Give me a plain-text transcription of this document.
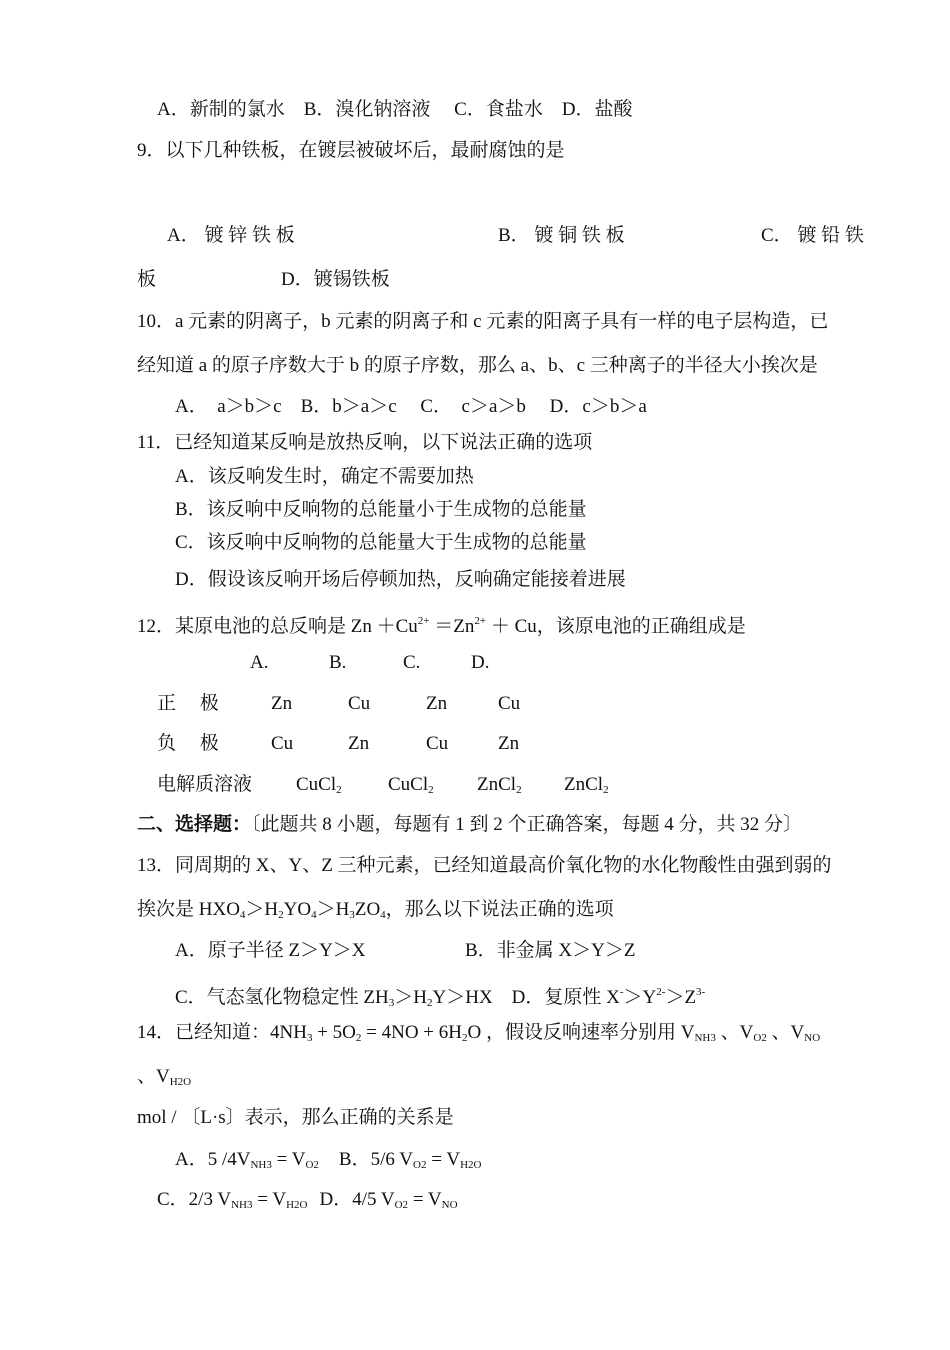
A．新制的氯水　B．溴化钠溶液　 C．食盐水　D．盐酸
9．以下几种铁板，在镀层被破坏后，最耐腐蚀的是
A． 镀 锌 铁 板	B． 镀 铜 铁 板	C． 镀 铅 铁
板	D．镀锡铁板
10．a 元素的阴离子，b 元素的阴离子和 c 元素的阳离子具有一样的电子层构造，已
经知道 a 的原子序数大于 b 的原子序数，那么 a、b、c 三种离子的半径大小挨次是
A．　a＞b＞c　B．b＞a＞c　 C．　c＞a＞b　 D．c＞b＞a
11．已经知道某反响是放热反响，以下说法正确的选项
A．该反响发生时，确定不需要加热
B．该反响中反响物的总能量小于生成物的总能量
C．该反响中反响物的总能量大于生成物的总能量
D．假设该反响开场后停顿加热，反响确定能接着进展
12．某原电池的总反响是 $Zn +Cu^{2+} =Zn^{2+} + Cu$，该原电池的正确组成是
A.	B.	C.	D.
正　 极	Zn	Cu	Zn	Cu
负　 极	Cu	Zn	Cu	Zn
电解质溶液 CuCl$_2$ CuCl$_2$ ZnCl$_2$ ZnCl$_2$
二、选择题：〔此题共 8 小题，每题有 1 到 2 个正确答案，每题 4 分，共 32 分〕
13．同周期的 X、Y、Z 三种元素，已经知道最高价氧化物的水化物酸性由强到弱的
挨次是 $HXO_4>H_2YO_4>H_3ZO_4$，那么以下说法正确的选项
A．原子半径 Z＞Y＞X	B．非金属 X＞Y＞Z
C．气态氢化物稳定性 $ZH_3>H_2Y>HX$　D．复原性 $X^->Y^{2-}>Z^{3-}$
14．已经知道：$4NH_3 + 5O_2 = 4NO + 6H_2O$ ，假设反响速率分别用 $V_{NH3}$ 、$V_{O2}$ 、$V_{NO}$
、$V_{H2O}$
mol / 〔L·s〕表示，那么正确的关系是
A．5 $/4V_{NH3} = V_{O2}$ B．5/6 $V_{O2} = V_{H2O}$
C．2/3 $V_{NH3} = V_{H2O}$ D．4/5 $V_{O2} = V_{NO}$
